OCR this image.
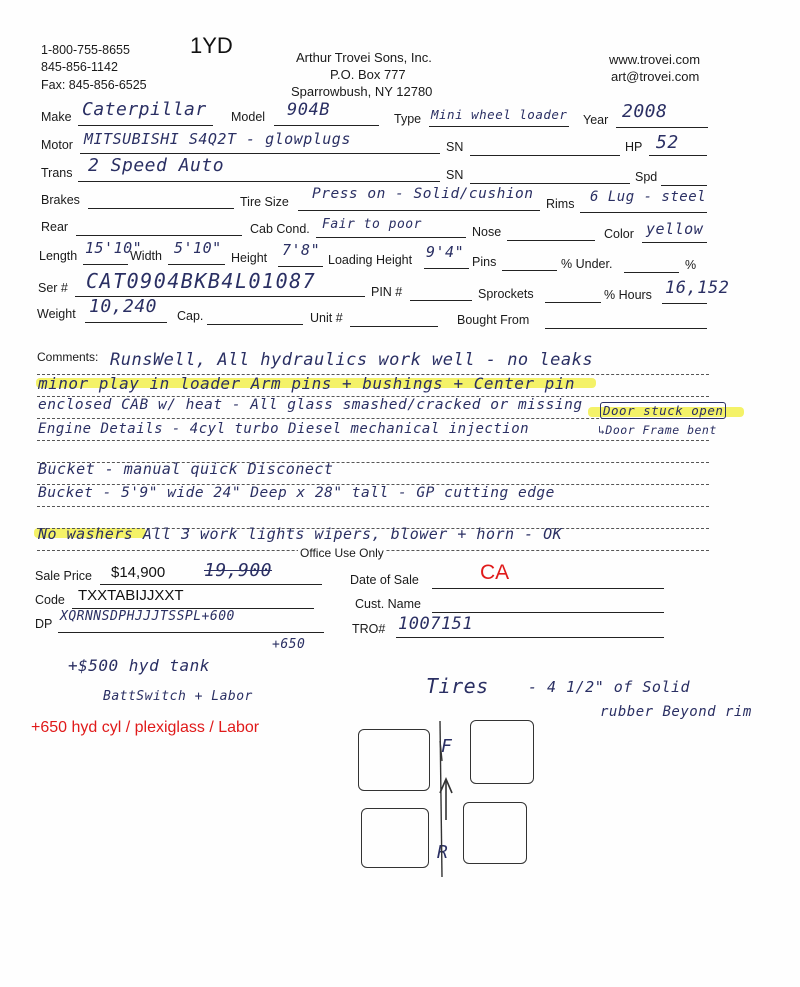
1-800-755-8655
845-856-1142
Fax: 845-856-6525
1YD	Arthur Trovei Sons, Inc.
P.O. Box 777
Sparrowbush, NY 12780
www.trovei.com
art@trovei.com
Make Caterpillar Model 904B	Type Mini wheel loader Year 2008
Motor MITSUBISHI S4Q2T - glowplugs	SN	HP 52
Trans 2 Speed Auto	SN	Spd
Brakes	Tire Size Press on - Solid/cushion
Rims 6 Lug - steel
Rear	Cab Cond. Fair to poor	Nose	Color yellow
Length 15'10"
Width 5'10"
Height 7'8"
Loading Height 9'4"
Pins	% Under.	%
Ser # CAT0904BKB4L01087	PIN #	Sprockets	% Hours 16,152
Weight 10,240 Cap.	Unit #	Bought From
Comments: RunsWell, All hydraulics work well - no leaks
minor play in loader Arm pins + bushings + Center pin
enclosed CAB w/ heat - All glass smashed/cracked or missing
Engine Details - 4cyl turbo Diesel mechanical injection
Bucket - manual quick Disconect
Bucket - 5'9" wide 24" Deep x 28" tall - GP cutting edge
No washers All 3 work lights wipers, blower + horn - OK
Door stuck open
↳Door Frame bent
Office Use Only
Sale Price $14,900 19,900	Date of Sale	CA
Code TXXTABIJJXXT	Cust. Name
DP XQRNNSDPHJJJTSSPL+600
+650
TRO# 1007151
+$500 hyd tank
BattSwitch + Labor
+650 hyd cyl / plexiglass / Labor
Tires	- 4 1/2" of Solid
rubber Beyond rim
F
R
